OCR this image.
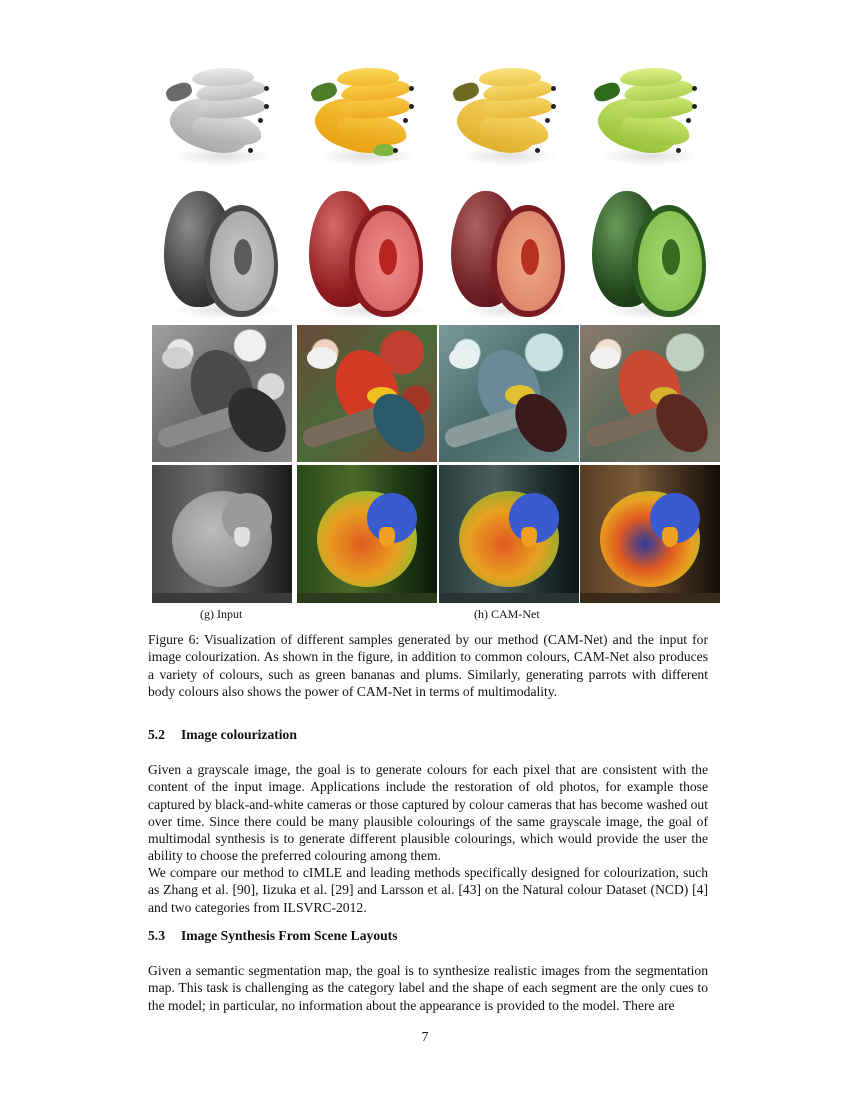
(g) Input	(h) CAM-Net
Figure 6: Visualization of different samples generated by our method (CAM-Net) and the input for image colourization. As shown in the figure, in addition to common colours, CAM-Net also produces a variety of colours, such as green bananas and plums. Similarly, generating parrots with different body colours also shows the power of CAM-Net in terms of multimodality.
5.2 Image colourization

Given a grayscale image, the goal is to generate colours for each pixel that are consistent with the content of the input image. Applications include the restoration of old photos, for example those captured by black-and-white cameras or those captured by colour cameras that has become washed out over time. Since there could be many plausible colourings of the same grayscale image, the goal of multimodal synthesis is to generate different plausible colourings, which would provide the user the ability to choose the preferred colouring among them.

We compare our method to cIMLE and leading methods specifically designed for colourization, such as Zhang et al. [90], Iizuka et al. [29] and Larsson et al. [43] on the Natural colour Dataset (NCD) [4] and two categories from ILSVRC-2012.

5.3 Image Synthesis From Scene Layouts

Given a semantic segmentation map, the goal is to synthesize realistic images from the segmentation map. This task is challenging as the category label and the shape of each segment are the only cues to the model; in particular, no information about the appearance is provided to the model. There are

7
